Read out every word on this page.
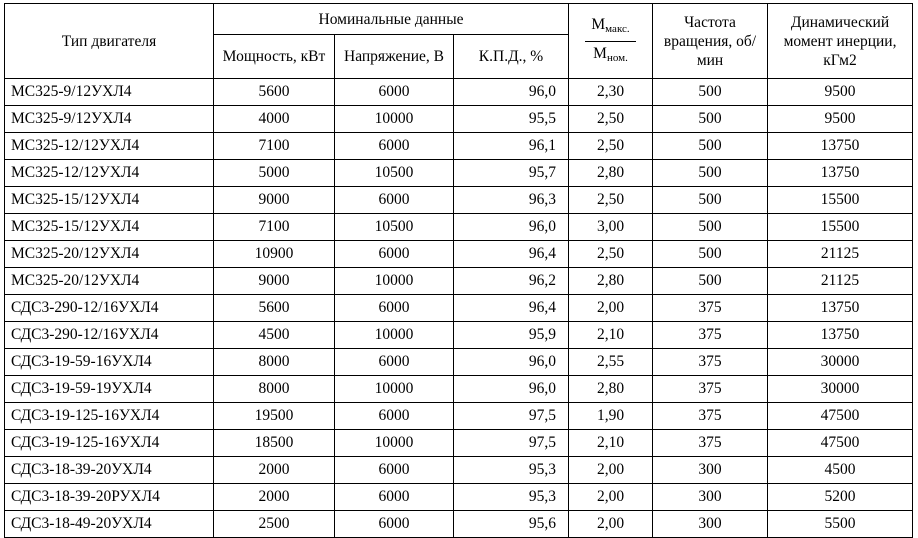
Тип двигателя	Номинальные данные			$\frac{М_{макс.}}{М_{ном.}}$	Частота вращения, об/мин	Динамический момент инерции, кГм2
	Мощность, кВт	Напряжение, В	К.П.Д., %			
МС325-9/12УХЛ4	5600	6000	96,0	2,30	500	9500
МС325-9/12УХЛ4	4000	10000	95,5	2,50	500	9500
МС325-12/12УХЛ4	7100	6000	96,1	2,50	500	13750
МС325-12/12УХЛ4	5000	10500	95,7	2,80	500	13750
МС325-15/12УХЛ4	9000	6000	96,3	2,50	500	15500
МС325-15/12УХЛ4	7100	10500	96,0	3,00	500	15500
МС325-20/12УХЛ4	10900	6000	96,4	2,50	500	21125
МС325-20/12УХЛ4	9000	10000	96,2	2,80	500	21125
СДС3-290-12/16УХЛ4	5600	6000	96,4	2,00	375	13750
СДС3-290-12/16УХЛ4	4500	10000	95,9	2,10	375	13750
СДС3-19-59-16УХЛ4	8000	6000	96,0	2,55	375	30000
СДС3-19-59-19УХЛ4	8000	10000	96,0	2,80	375	30000
СДС3-19-125-16УХЛ4	19500	6000	97,5	1,90	375	47500
СДС3-19-125-16УХЛ4	18500	10000	97,5	2,10	375	47500
СДС3-18-39-20УХЛ4	2000	6000	95,3	2,00	300	4500
СДС3-18-39-20РУХЛ4	2000	6000	95,3	2,00	300	5200
СДС3-18-49-20УХЛ4	2500	6000	95,6	2,00	300	5500
